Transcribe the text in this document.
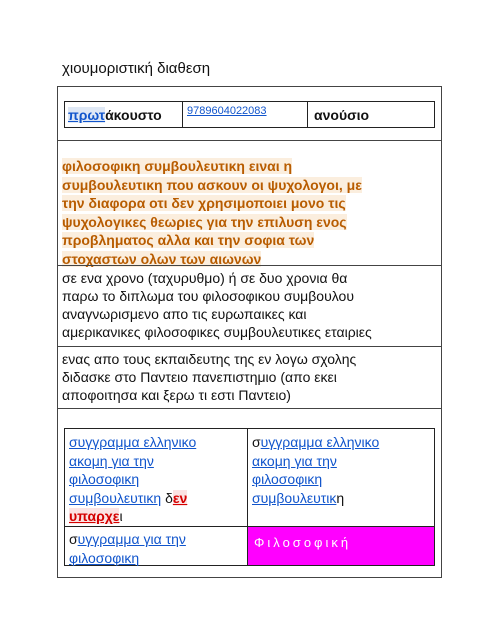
χιουμοριστική διαθεση
πρωτ άκουστο 9789604022083	ανούσιο
φιλοσοφικη συμβουλευτικη ειναι η
συμβουλευτικη που ασκουν οι ψυχολογοι, με
την διαφορα οτι δεν χρησιμοποιει μονο τις
ψυχολογικες θεωριες για την επιλυση ενος
προβληματος αλλα και την σοφια των
στοχαστων ολων των αιωνων
σε ενα χρονο (ταχυρυθμο) ή σε δυο χρονια θα
παρω το διπλωμα του φιλοσοφικου συμβουλου
αναγνωρισμενο απο τις ευρωπαικες και
αμερικανικες φιλοσοφικες συμβουλευτικες εταιριες
ενας απο τους εκπαιδευτης της εν λογω σχολης
διδασκε στο Παντειο πανεπιστημιο (απο εκει
αποφοιτησα και ξερω τι εστι Παντειο)
συγγραμμα ελληνικο
ακομη για την
φιλοσοφικη
συμβουλευτικη δεν
υπαρχει
συγγραμμα ελληνικο
ακομη για την
φιλοσοφικη
συμβουλευτικη
συγγραμμα για την
φιλοσοφικη
Φιλοσοφική
